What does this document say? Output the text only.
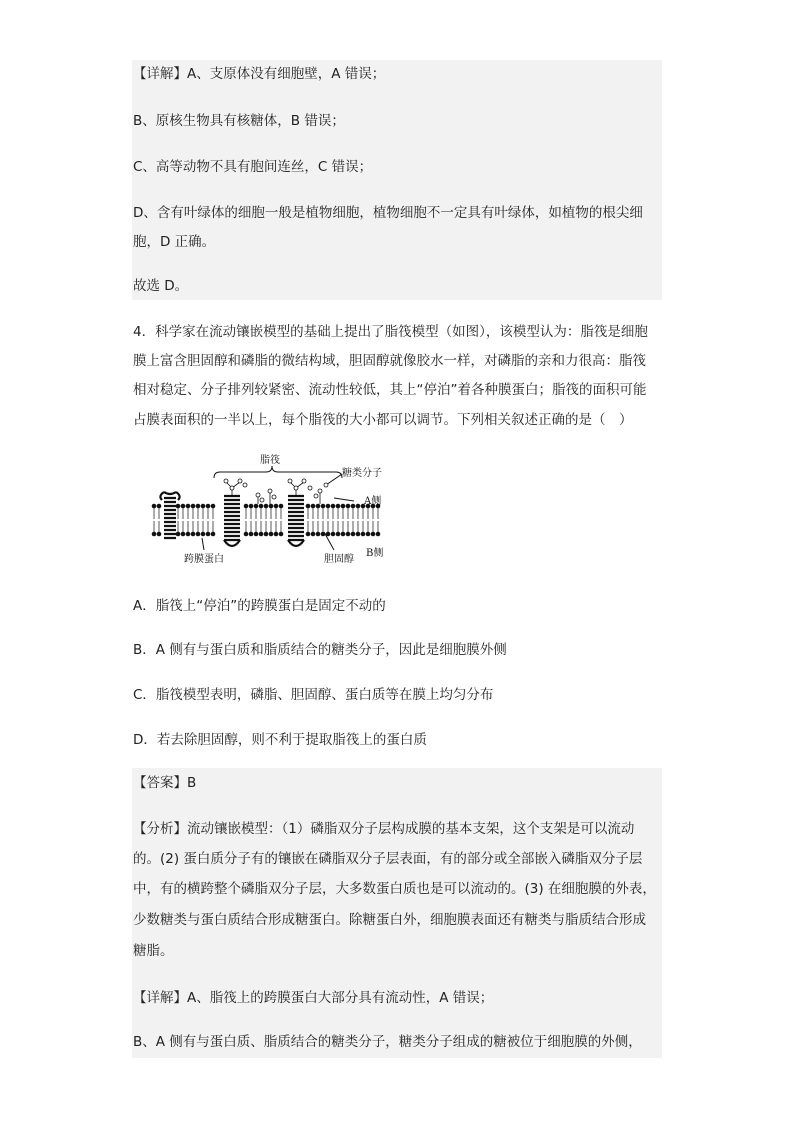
【详解】A、支原体没有细胞壁，A 错误；
B、原核生物具有核糖体，B 错误；
C、高等动物不具有胞间连丝，C 错误；
D、含有叶绿体的细胞一般是植物细胞，植物细胞不一定具有叶绿体，如植物的根尖细
胞，D 正确。
故选 D。
4．科学家在流动镶嵌模型的基础上提出了脂筏模型（如图），该模型认为：脂筏是细胞
膜上富含胆固醇和磷脂的微结构域，胆固醇就像胶水一样，对磷脂的亲和力很高：脂筏
相对稳定、分子排列较紧密、流动性较低，其上“停泊”着各种膜蛋白；脂筏的面积可能
占膜表面积的一半以上，每个脂筏的大小都可以调节。下列相关叙述正确的是（　）
脂筏
糖类分子
A侧
B侧
跨膜蛋白	胆固醇
A．脂筏上“停泊”的跨膜蛋白是固定不动的
B．A 侧有与蛋白质和脂质结合的糖类分子，因此是细胞膜外侧
C．脂筏模型表明，磷脂、胆固醇、蛋白质等在膜上均匀分布
D．若去除胆固醇，则不利于提取脂筏上的蛋白质
【答案】B
【分析】流动镶嵌模型：（1）磷脂双分子层构成膜的基本支架，这个支架是可以流动
的。(2) 蛋白质分子有的镶嵌在磷脂双分子层表面，有的部分或全部嵌入磷脂双分子层
中，有的横跨整个磷脂双分子层，大多数蛋白质也是可以流动的。(3) 在细胞膜的外表，
少数糖类与蛋白质结合形成糖蛋白。除糖蛋白外，细胞膜表面还有糖类与脂质结合形成
糖脂。
【详解】A、脂筏上的跨膜蛋白大部分具有流动性，A 错误；
B、A 侧有与蛋白质、脂质结合的糖类分子，糖类分子组成的糖被位于细胞膜的外侧，
